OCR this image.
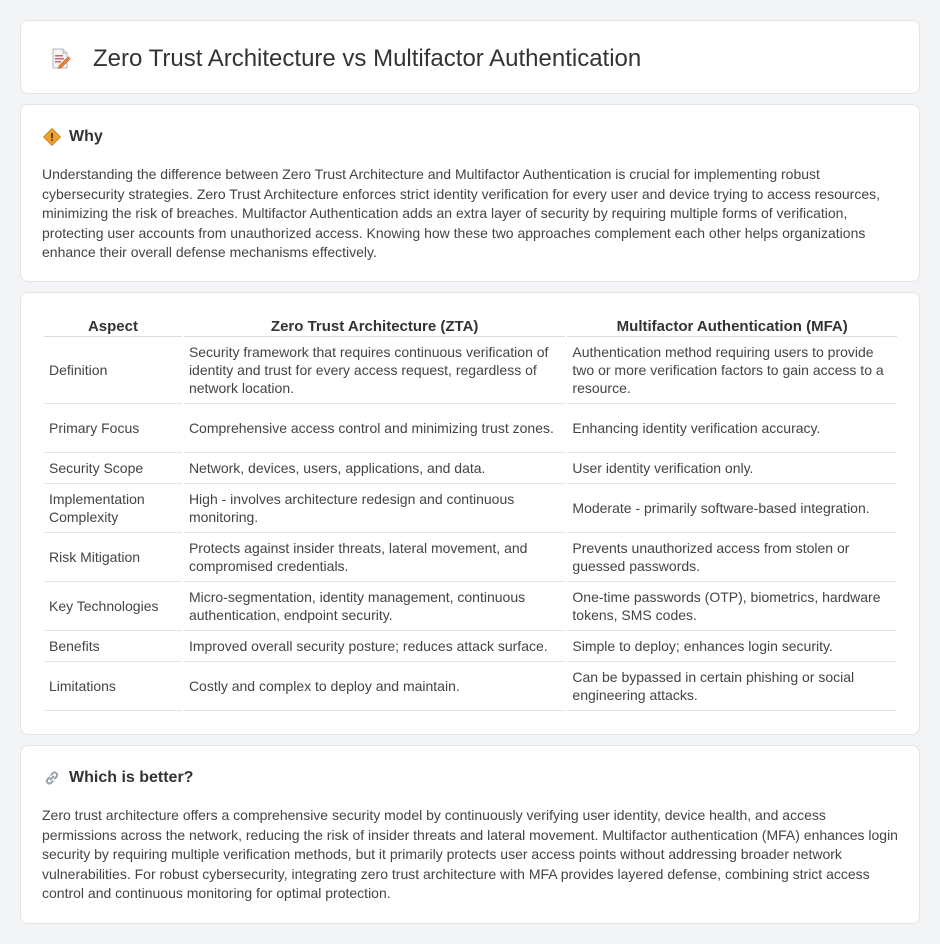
Zero Trust Architecture vs Multifactor Authentication
Why

Understanding the difference between Zero Trust Architecture and Multifactor Authentication is crucial for implementing robust cybersecurity strategies. Zero Trust Architecture enforces strict identity verification for every user and device trying to access resources, minimizing the risk of breaches. Multifactor Authentication adds an extra layer of security by requiring multiple forms of verification, protecting user accounts from unauthorized access. Knowing how these two approaches complement each other helps organizations enhance their overall defense mechanisms effectively.

Aspect	Zero Trust Architecture (ZTA)	Multifactor Authentication (MFA)
Definition	Security framework that requires continuous verification of identity and trust for every access request, regardless of network location.	Authentication method requiring users to provide two or more verification factors to gain access to a resource.
Primary Focus	Comprehensive access control and minimizing trust zones.	Enhancing identity verification accuracy.
Security Scope	Network, devices, users, applications, and data.	User identity verification only.
Implementation Complexity	High - involves architecture redesign and continuous monitoring.	Moderate - primarily software-based integration.
Risk Mitigation	Protects against insider threats, lateral movement, and compromised credentials.	Prevents unauthorized access from stolen or guessed passwords.
Key Technologies	Micro-segmentation, identity management, continuous authentication, endpoint security.	One-time passwords (OTP), biometrics, hardware tokens, SMS codes.
Benefits	Improved overall security posture; reduces attack surface.	Simple to deploy; enhances login security.
Limitations	Costly and complex to deploy and maintain.	Can be bypassed in certain phishing or social engineering attacks.
Which is better?

Zero trust architecture offers a comprehensive security model by continuously verifying user identity, device health, and access permissions across the network, reducing the risk of insider threats and lateral movement. Multifactor authentication (MFA) enhances login security by requiring multiple verification methods, but it primarily protects user access points without addressing broader network vulnerabilities. For robust cybersecurity, integrating zero trust architecture with MFA provides layered defense, combining strict access control and continuous monitoring for optimal protection.
